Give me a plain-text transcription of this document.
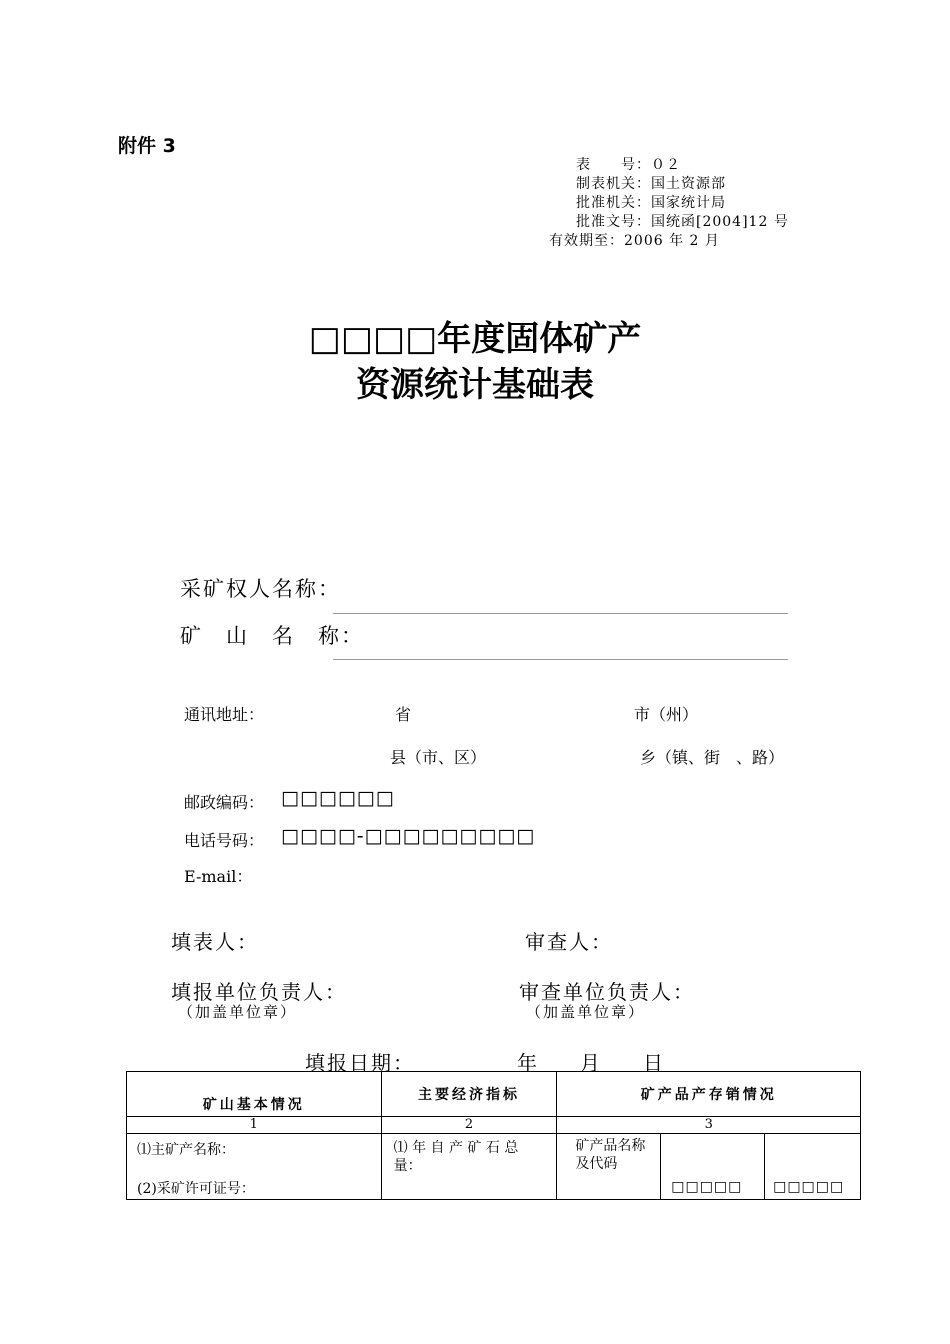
附件 3
表　　号：０２
制表机关：国土资源部
批准机关：国家统计局
批准文号：国统函[2004]12 号
有效期至：2006 年 2 月
□□□□年度固体矿产
资源统计基础表
采矿权人名称：
矿　山　名　称：
通讯地址：	省	市（州）
县（市、区）	乡（镇、街　、路）
邮政编码： □□□□□□
电话号码： □□□□-□□□□□□□□□
E-mail：
填表人：	审查人：
填报单位负责人：	审查单位负责人：
（加盖单位章）	（加盖单位章）
填报日期：	年 月 日
矿山基本情况	主要经济指标	矿产品产存销情况		
1	2	3		

⑴主矿产名称：
(2)采矿许可证号：	⑴ 年 自 产 矿 石 总 量：	矿产品名称及代码	□□□□□	□□□□□
